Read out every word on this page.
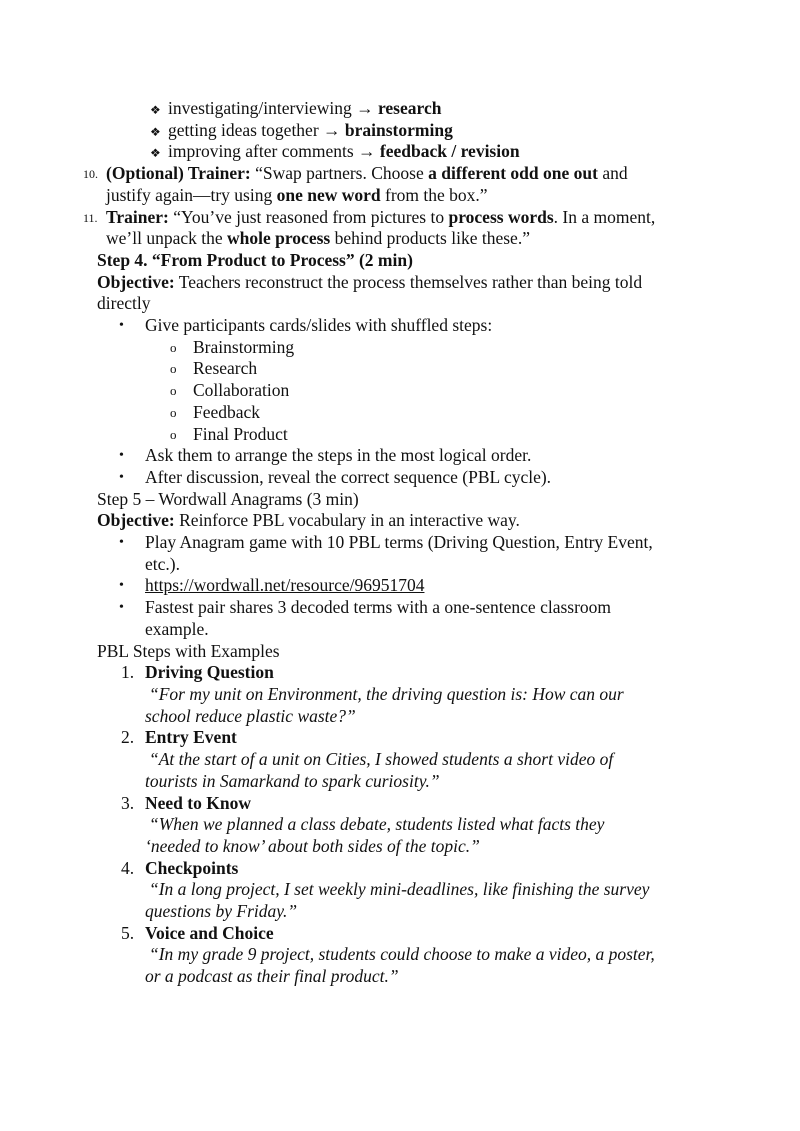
❖ investigating/interviewing → research
❖ getting ideas together → brainstorming
❖ improving after comments → feedback / revision
10. (Optional) Trainer: “Swap partners. Choose a different odd one out and
justify again—try using one new word from the box.”
11. Trainer: “You’ve just reasoned from pictures to process words. In a moment,
we’ll unpack the whole process behind products like these.”
Step 4. “From Product to Process” (2 min)
Objective: Teachers reconstruct the process themselves rather than being told
directly
• Give participants cards/slides with shuffled steps:
o Brainstorming
o Research
o Collaboration
o Feedback
o Final Product
• Ask them to arrange the steps in the most logical order.
• After discussion, reveal the correct sequence (PBL cycle).
Step 5 – Wordwall Anagrams (3 min)
Objective: Reinforce PBL vocabulary in an interactive way.
• Play Anagram game with 10 PBL terms (Driving Question, Entry Event,
etc.).
• https://wordwall.net/resource/96951704
• Fastest pair shares 3 decoded terms with a one-sentence classroom
example.
PBL Steps with Examples
1. Driving Question
“For my unit on Environment, the driving question is: How can our
school reduce plastic waste?”
2. Entry Event
“At the start of a unit on Cities, I showed students a short video of
tourists in Samarkand to spark curiosity.”
3. Need to Know
“When we planned a class debate, students listed what facts they
‘needed to know’ about both sides of the topic.”
4. Checkpoints
“In a long project, I set weekly mini-deadlines, like finishing the survey
questions by Friday.”
5. Voice and Choice
“In my grade 9 project, students could choose to make a video, a poster,
or a podcast as their final product.”
